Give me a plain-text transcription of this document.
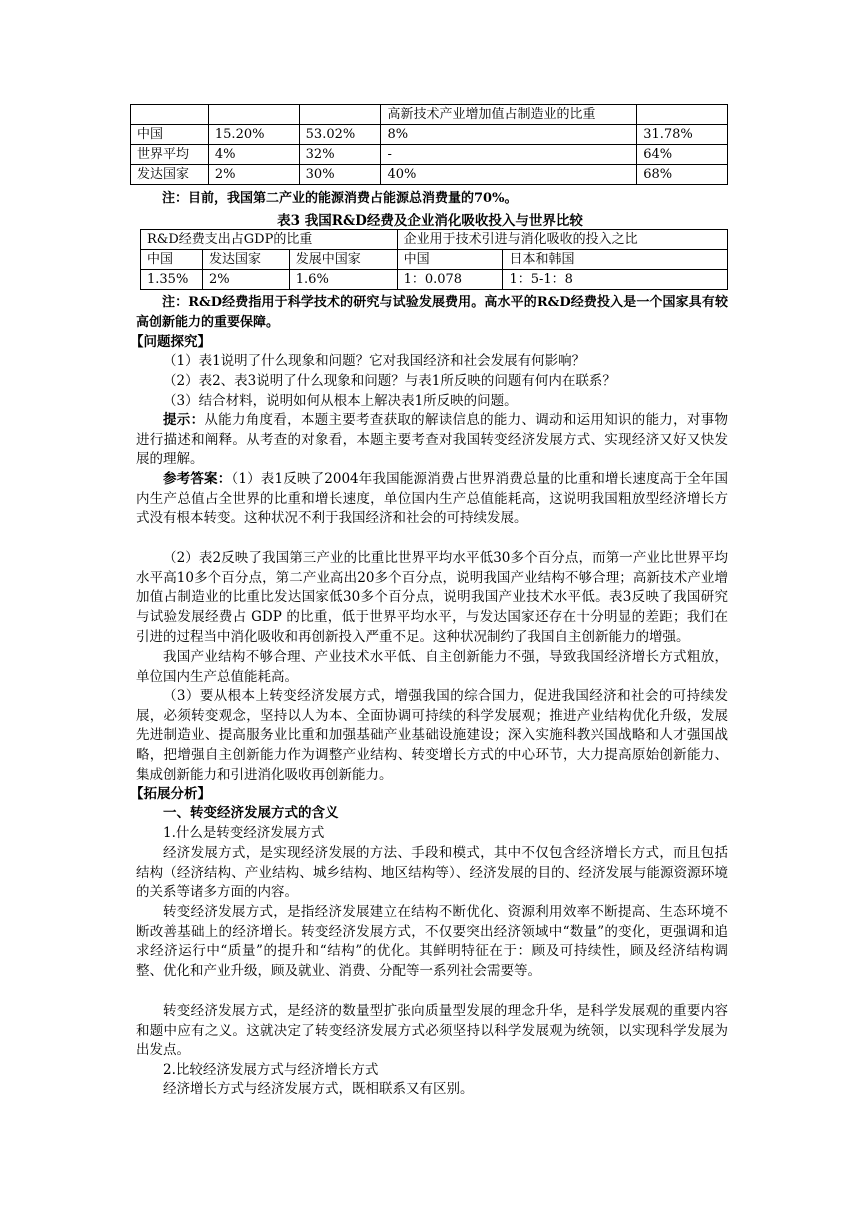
			高新技术产业增加值占制造业的比重	
中国	15.20%	53.02%	8%	31.78%
世界平均	4%	32%	-	64%
发达国家	2%	30%	40%	68%
注：目前，我国第二产业的能源消费占能源总消费量的70%。
表3 我国R&D经费及企业消化吸收投入与世界比较
R&D经费支出占GDP的比重			企业用于技术引进与消化吸收的投入之比	
中国	发达国家	发展中国家	中国	日本和韩国
1.35%	2%	1.6%	1：0.078	1：5-1：8

注：R&D经费指用于科学技术的研究与试验发展费用。高水平的R&D经费投入是一个国家具有较高创新能力的重要保障。

【问题探究】

（1）表1说明了什么现象和问题？它对我国经济和社会发展有何影响？

（2）表2、表3说明了什么现象和问题？与表1所反映的问题有何内在联系？

（3）结合材料，说明如何从根本上解决表1所反映的问题。

提示：从能力角度看，本题主要考查获取的解读信息的能力、调动和运用知识的能力，对事物进行描述和阐释。从考查的对象看，本题主要考查对我国转变经济发展方式、实现经济又好又快发展的理解。

参考答案：（1）表1反映了2004年我国能源消费占世界消费总量的比重和增长速度高于全年国内生产总值占全世界的比重和增长速度，单位国内生产总值能耗高，这说明我国粗放型经济增长方式没有根本转变。这种状况不利于我国经济和社会的可持续发展。

（2）表2反映了我国第三产业的比重比世界平均水平低30多个百分点，而第一产业比世界平均水平高10多个百分点，第二产业高出20多个百分点，说明我国产业结构不够合理；高新技术产业增加值占制造业的比重比发达国家低30多个百分点，说明我国产业技术水平低。表3反映了我国研究与试验发展经费占 GDP 的比重，低于世界平均水平，与发达国家还存在十分明显的差距；我们在引进的过程当中消化吸收和再创新投入严重不足。这种状况制约了我国自主创新能力的增强。

我国产业结构不够合理、产业技术水平低、自主创新能力不强，导致我国经济增长方式粗放，单位国内生产总值能耗高。

（3）要从根本上转变经济发展方式，增强我国的综合国力，促进我国经济和社会的可持续发展，必须转变观念，坚持以人为本、全面协调可持续的科学发展观；推进产业结构优化升级，发展先进制造业、提高服务业比重和加强基础产业基础设施建设；深入实施科教兴国战略和人才强国战略，把增强自主创新能力作为调整产业结构、转变增长方式的中心环节，大力提高原始创新能力、集成创新能力和引进消化吸收再创新能力。

【拓展分析】
一、转变经济发展方式的含义
1.什么是转变经济发展方式

经济发展方式，是实现经济发展的方法、手段和模式，其中不仅包含经济增长方式，而且包括结构（经济结构、产业结构、城乡结构、地区结构等）、经济发展的目的、经济发展与能源资源环境的关系等诸多方面的内容。

转变经济发展方式，是指经济发展建立在结构不断优化、资源利用效率不断提高、生态环境不断改善基础上的经济增长。转变经济发展方式，不仅要突出经济领域中“数量”的变化，更强调和追求经济运行中“质量”的提升和“结构”的优化。其鲜明特征在于：顾及可持续性，顾及经济结构调整、优化和产业升级，顾及就业、消费、分配等一系列社会需要等。

转变经济发展方式，是经济的数量型扩张向质量型发展的理念升华，是科学发展观的重要内容和题中应有之义。这就决定了转变经济发展方式必须坚持以科学发展观为统领，以实现科学发展为出发点。

2.比较经济发展方式与经济增长方式

经济增长方式与经济发展方式，既相联系又有区别。
